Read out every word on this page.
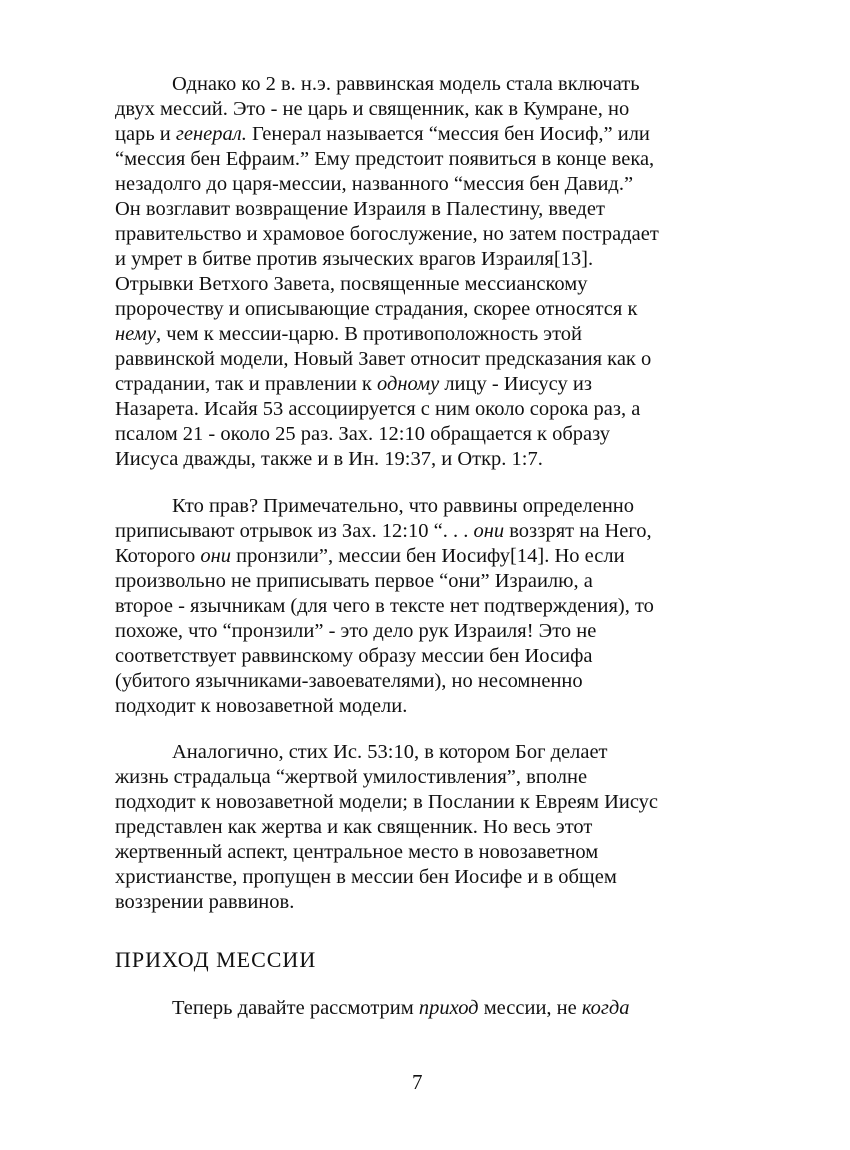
Однако ко 2 в. н.э. раввинская модель стала включать
двух мессий. Это - не царь и священник, как в Кумране, но
царь и генерал. Генерал называется “мессия бен Иосиф,” или
“мессия бен Ефраим.” Ему предстоит появиться в конце века,
незадолго до царя-мессии, названного “мессия бен Давид.”
Он возглавит возвращение Израиля в Палестину, введет
правительство и храмовое богослужение, но затем пострадает
и умрет в битве против языческих врагов Израиля[13].
Отрывки Ветхого Завета, посвященные мессианскому
пророчеству и описывающие страдания, скорее относятся к
нему, чем к мессии-царю. В противоположность этой
раввинской модели, Новый Завет относит предсказания как о
страдании, так и правлении к одному лицу - Иисусу из
Назарета. Исайя 53 ассоциируется с ним около сорока раз, а
псалом 21 - около 25 раз. Зах. 12:10 обращается к образу
Иисуса дважды, также и в Ин. 19:37, и Откр. 1:7.
Кто прав? Примечательно, что раввины определенно
приписывают отрывок из Зах. 12:10 “. . . они воззрят на Него,
Которого они пронзили”, мессии бен Иосифу[14]. Но если
произвольно не приписывать первое “они” Израилю, а
второе - язычникам (для чего в тексте нет подтверждения), то
похоже, что “пронзили” - это дело рук Израиля! Это не
соответствует раввинскому образу мессии бен Иосифа
(убитого язычниками-завоевателями), но несомненно
подходит к новозаветной модели.
Аналогично, стих Ис. 53:10, в котором Бог делает
жизнь страдальца “жертвой умилостивления”, вполне
подходит к новозаветной модели; в Послании к Евреям Иисус
представлен как жертва и как священник. Но весь этот
жертвенный аспект, центральное место в новозаветном
христианстве, пропущен в мессии бен Иосифе и в общем
воззрении раввинов.
ПРИХОД МЕССИИ
Теперь давайте рассмотрим приход мессии, не когда
7
